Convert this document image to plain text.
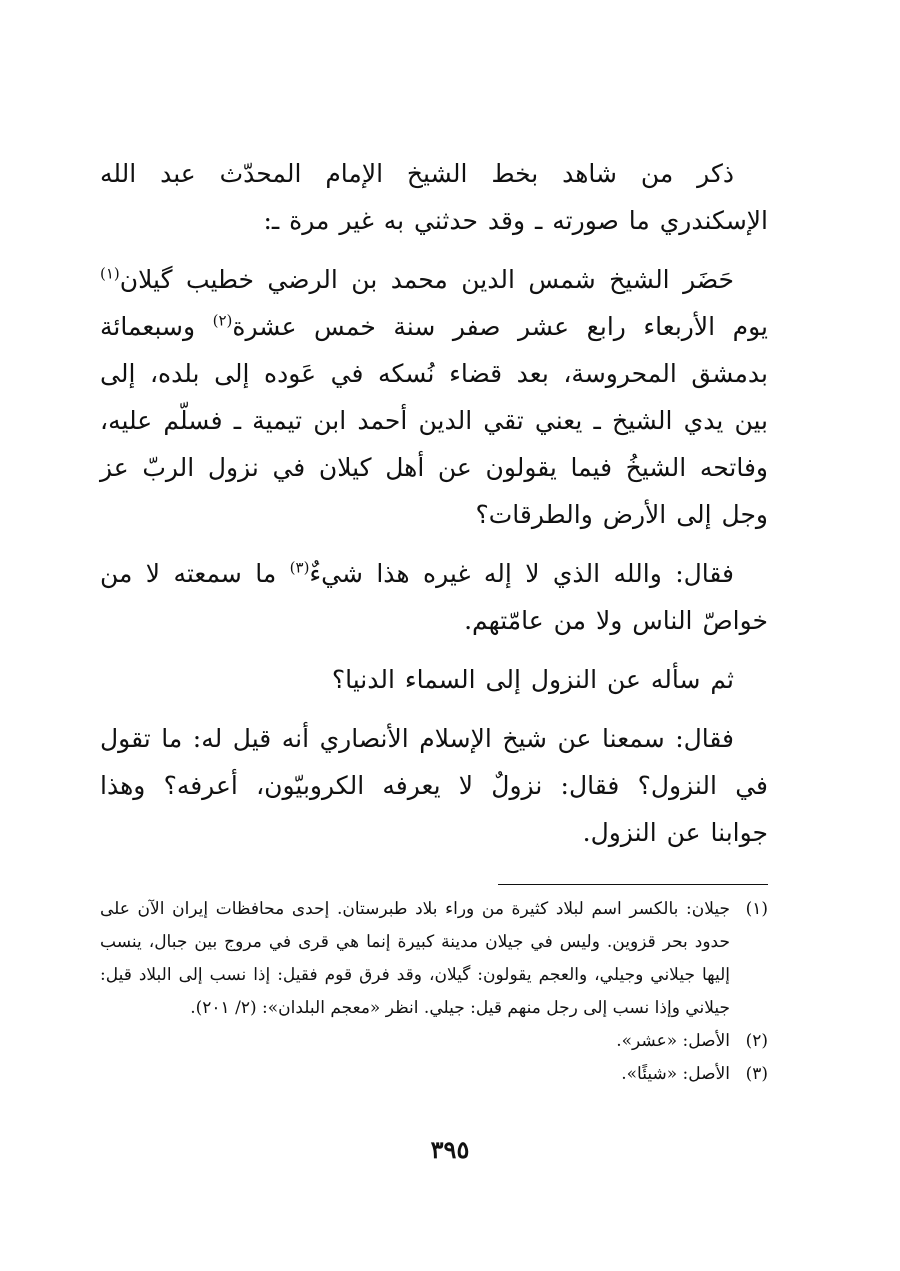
ذكر من شاهد بخط الشيخ الإمام المحدّث عبد الله الإسكندري ما صورته ـ وقد حدثني به غير مرة ـ:

حَضَر الشيخ شمس الدين محمد بن الرضي خطيب گيلان$^{(١)}$ يوم الأربعاء رابع عشر صفر سنة خمس عشرة$^{(٢)}$ وسبعمائة بدمشق المحروسة، بعد قضاء نُسكه في عَوده إلى بلده، إلى بين يدي الشيخ ـ يعني تقي الدين أحمد ابن تيمية ـ فسلّم عليه، وفاتحه الشيخُ فيما يقولون عن أهل كيلان في نزول الربّ عز وجل إلى الأرض والطرقات؟

فقال: والله الذي لا إله غيره هذا شيءٌ$^{(٣)}$ ما سمعته لا من خواصّ الناس ولا من عامّتهم.

ثم سأله عن النزول إلى السماء الدنيا؟

فقال: سمعنا عن شيخ الإسلام الأنصاري أنه قيل له: ما تقول في النزول؟ فقال: نزولٌ لا يعرفه الكروبيّون، أعرفه؟ وهذا جوابنا عن النزول.

(١)
جيلان: بالكسر اسم لبلاد كثيرة من وراء بلاد طبرستان. إحدى محافظات إيران الآن على حدود بحر قزوين. وليس في جيلان مدينة كبيرة إنما هي قرى في مروج بين جبال، ينسب إليها جيلاني وجيلي، والعجم يقولون: گيلان، وقد فرق قوم فقيل: إذا نسب إلى البلاد قيل: جيلاني وإذا نسب إلى رجل منهم قيل: جيلي. انظر «معجم البلدان»: (٢/ ٢٠١).
(٢)
الأصل: «عشر».
(٣)
الأصل: «شيئًا».
٣٩٥
